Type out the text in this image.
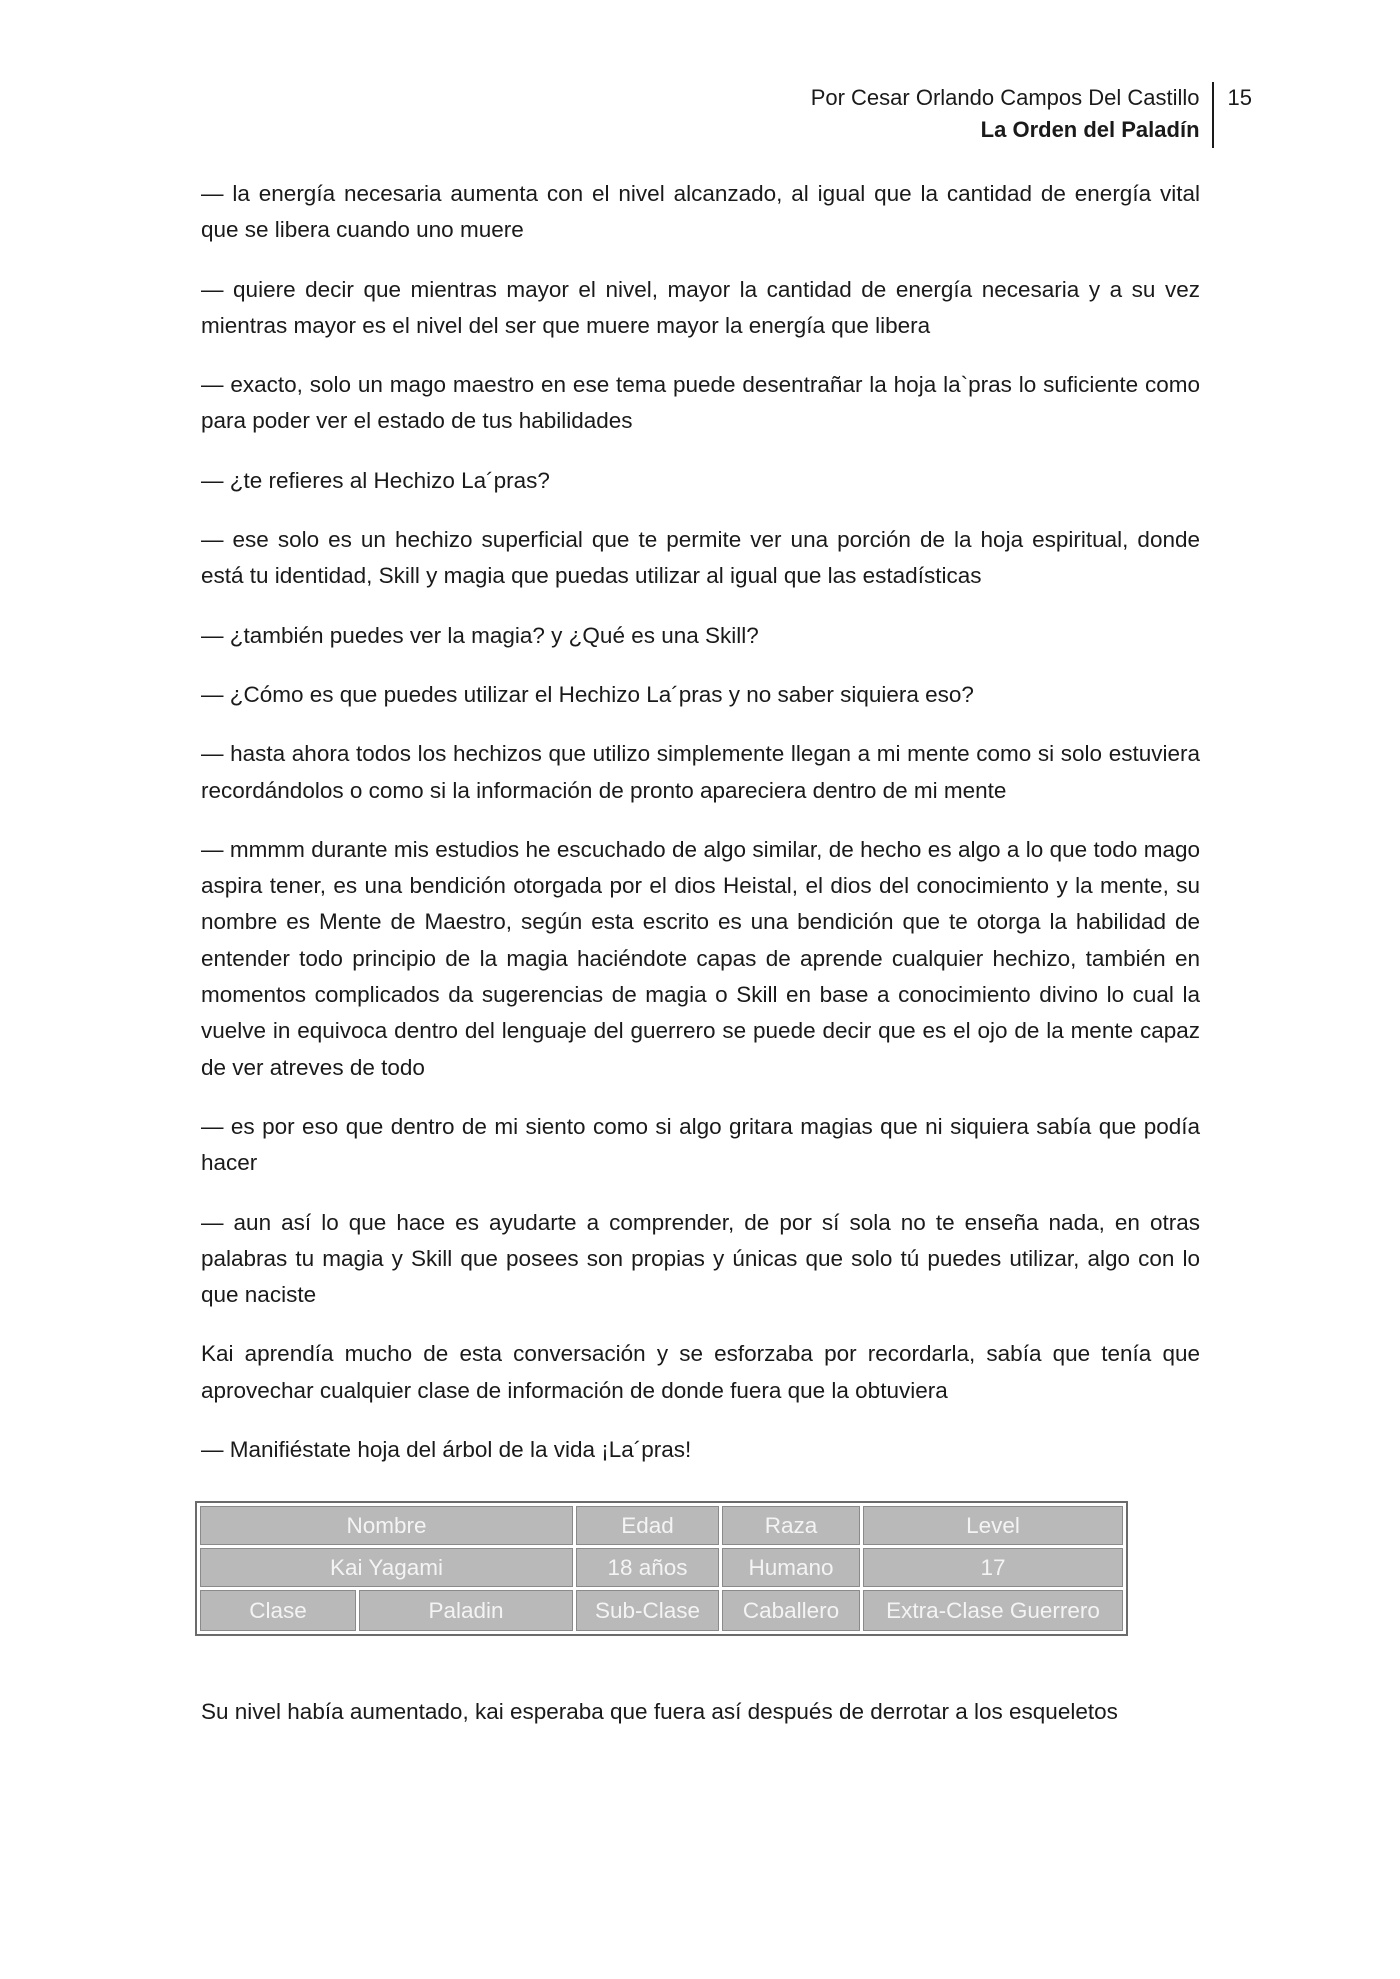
Por Cesar Orlando Campos Del Castillo
La Orden del Paladín
15

— la energía necesaria aumenta con el nivel alcanzado, al igual que la cantidad de energía vital que se libera cuando uno muere

— quiere decir que mientras mayor el nivel, mayor la cantidad de energía necesaria y a su vez mientras mayor es el nivel del ser que muere mayor la energía que libera

— exacto, solo un mago maestro en ese tema puede desentrañar la hoja la`pras lo suficiente como para poder ver el estado de tus habilidades

— ¿te refieres al Hechizo La´pras?

— ese solo es un hechizo superficial que te permite ver una porción de la hoja espiritual, donde está tu identidad, Skill y magia que puedas utilizar al igual que las estadísticas

— ¿también puedes ver la magia? y ¿Qué es una Skill?

— ¿Cómo es que puedes utilizar el Hechizo La´pras y no saber siquiera eso?

— hasta ahora todos los hechizos que utilizo simplemente llegan a mi mente como si solo estuviera recordándolos o como si la información de pronto apareciera dentro de mi mente

— mmmm durante mis estudios he escuchado de algo similar, de hecho es algo a lo que todo mago aspira tener, es una bendición otorgada por el dios Heistal, el dios del conocimiento y la mente, su nombre es Mente de Maestro, según esta escrito es una bendición que te otorga la habilidad de entender todo principio de la magia haciéndote capas de aprende cualquier hechizo, también en momentos complicados da sugerencias de magia o Skill en base a conocimiento divino lo cual la vuelve in equivoca dentro del lenguaje del guerrero se puede decir que es el ojo de la mente capaz de ver atreves de todo

— es por eso que dentro de mi siento como si algo gritara magias que ni siquiera sabía que podía hacer

— aun así lo que hace es ayudarte a comprender, de por sí sola no te enseña nada, en otras palabras tu magia y Skill que posees son propias y únicas que solo tú puedes utilizar, algo con lo que naciste

Kai aprendía mucho de esta conversación y se esforzaba por recordarla, sabía que tenía que aprovechar cualquier clase de información de donde fuera que la obtuviera

— Manifiéstate hoja del árbol de la vida ¡La´pras!

Nombre		Edad	Raza	Level
Kai Yagami		18 años	Humano	17
Clase	Paladin	Sub-Clase	Caballero	Extra-Clase Guerrero

Su nivel había aumentado, kai esperaba que fuera así después de derrotar a los esqueletos
